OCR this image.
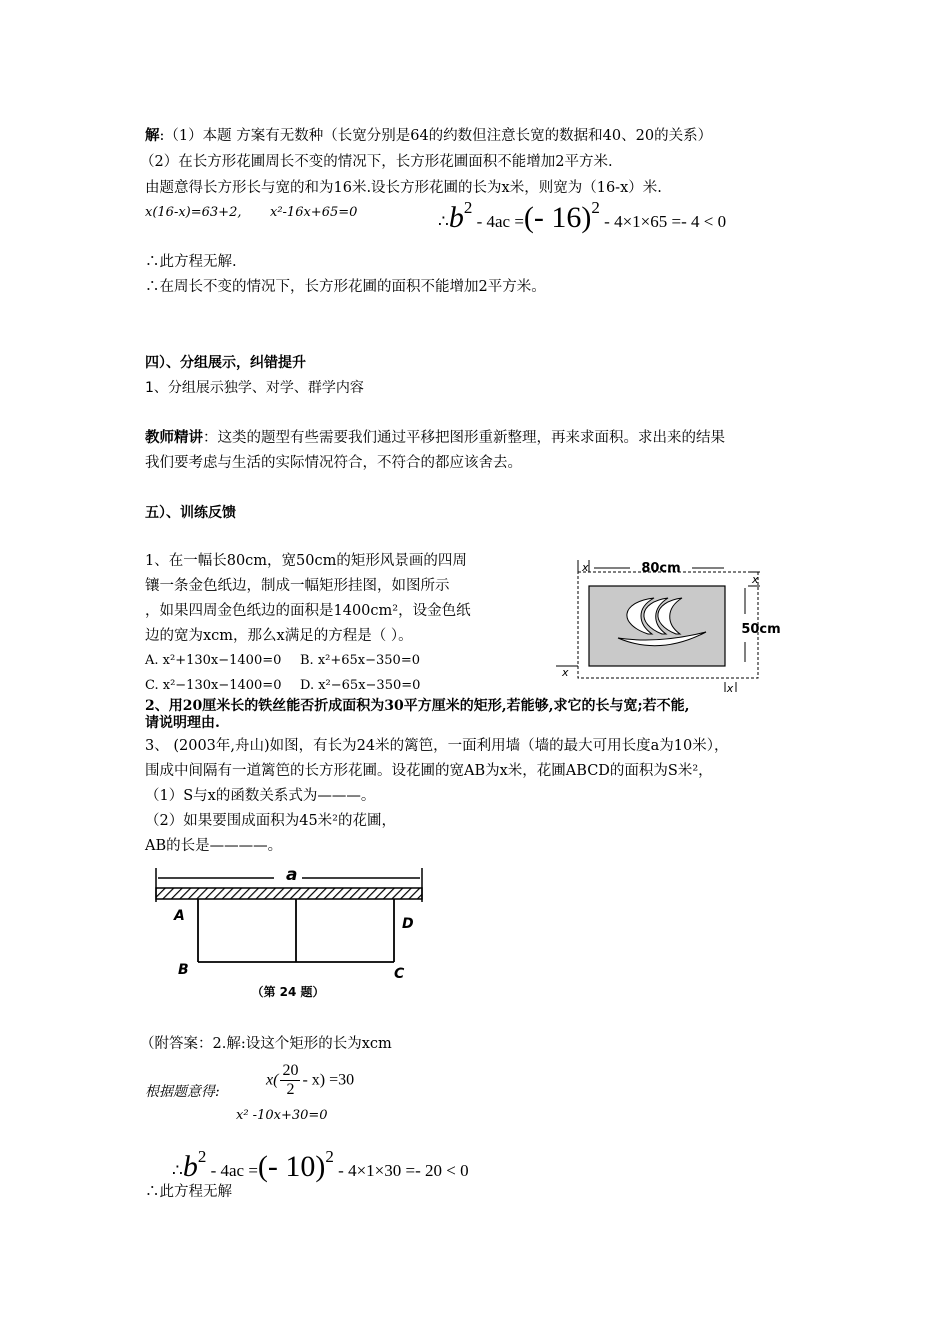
解:（1）本题 方案有无数种（长宽分别是64的约数但注意长宽的数据和40、20的关系）
（2）在长方形花圃周长不变的情况下，长方形花圃面积不能增加2平方米.
由题意得长方形长与宽的和为16米.设长方形花圃的长为x米，则宽为（16-x）米.
x(16-x)=63+2, x²-16x+65=0	∴b2 - 4ac =(- 16)2 - 4×1×65 =- 4 < 0
∴此方程无解.
∴在周长不变的情况下，长方形花圃的面积不能增加2平方米。
四）、分组展示，纠错提升
1、分组展示独学、对学、群学内容
教师精讲：这类的题型有些需要我们通过平移把图形重新整理，再来求面积。求出来的结果
我们要考虑与生活的实际情况符合，不符合的都应该舍去。
五）、训练反馈
1、在一幅长80cm，宽50cm的矩形风景画的四周
镶一条金色纸边，制成一幅矩形挂图，如图所示
，如果四周金色纸边的面积是1400cm²，设金色纸
边的宽为xcm，那么x满足的方程是（ ）。
A. x²+130x−1400=0 B. x²+65x−350=0
C. x²−130x−1400=0 D. x²−65x−350=0
80cm
50cm
x
x
x
x
2、用20厘米长的铁丝能否折成面积为30平方厘米的矩形,若能够,求它的长与宽;若不能,
请说明理由.
3、 (2003年,舟山)如图，有长为24米的篱笆，一面利用墙（墙的最大可用长度a为10米），
围成中间隔有一道篱笆的长方形花圃。设花圃的宽AB为x米，花圃ABCD的面积为S米²，
（1）S与x的函数关系式为———。
（2）如果要围成面积为45米²的花圃，
AB的长是————。
a
A
B	C
D
（第 24 题）
（附答案：2.解:设这个矩形的长为xcm
根据题意得:
$x( \frac{20}{2} - x) =30$
x² -10x+30=0
∴b2 - 4ac =(- 10)2 - 4×1×30 =- 20 < 0
∴此方程无解
